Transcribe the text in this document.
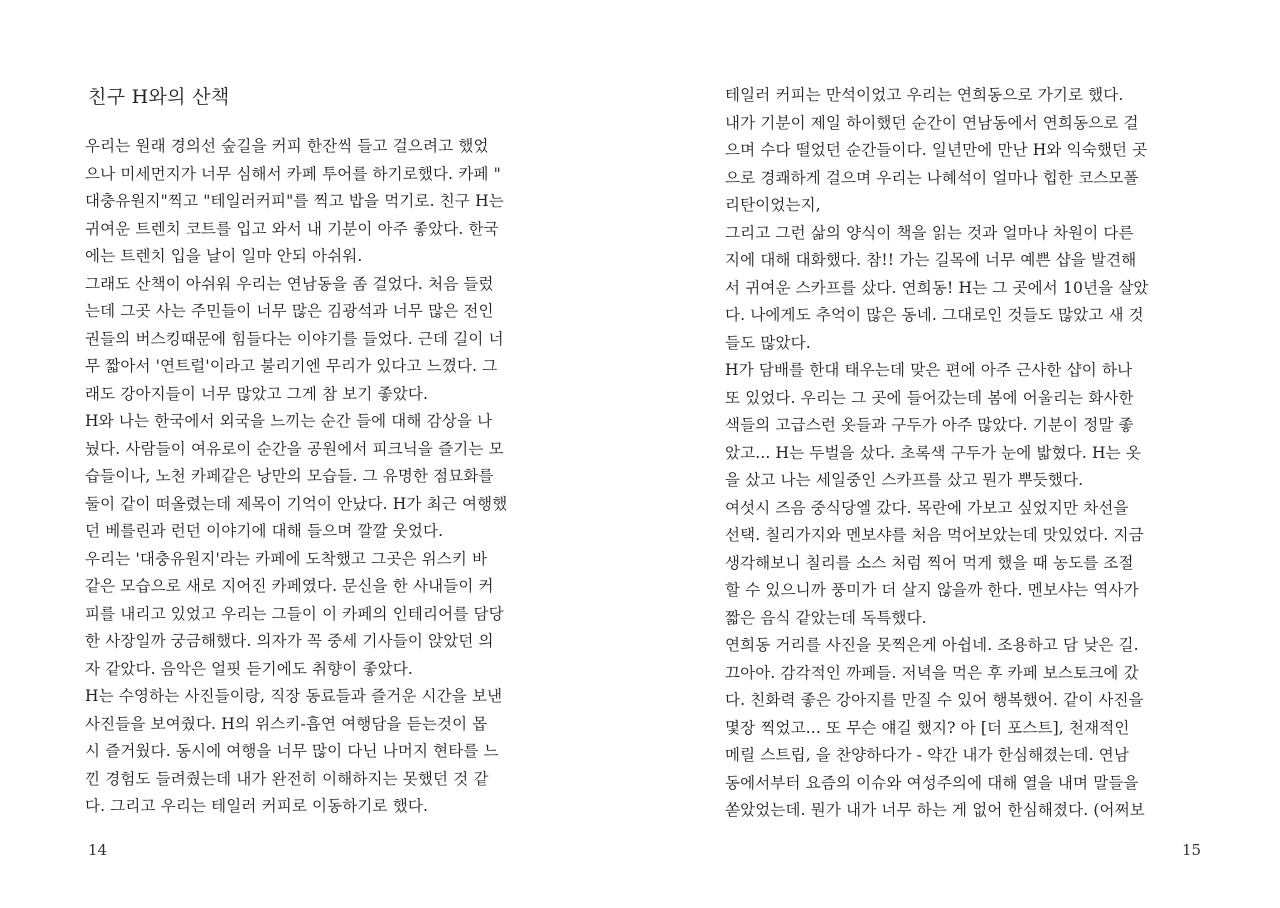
친구 H와의 산책
우리는 원래 경의선 숲길을 커피 한잔씩 들고 걸으려고 했었
으나 미세먼지가 너무 심해서 카페 투어를 하기로했다. 카페 "
대충유원지"찍고 "테일러커피"를 찍고 밥을 먹기로. 친구 H는
귀여운 트렌치 코트를 입고 와서 내 기분이 아주 좋았다. 한국
에는 트렌치 입을 날이 일마 안되 아쉬워.
그래도 산책이 아쉬워 우리는 연남동을 좀 걸었다. 처음 들렀
는데 그곳 사는 주민들이 너무 많은 김광석과 너무 많은 전인
권들의 버스킹때문에 힘들다는 이야기를 들었다. 근데 길이 너
무 짧아서 '연트럴'이라고 불리기엔 무리가 있다고 느꼈다. 그
래도 강아지들이 너무 많았고 그게 참 보기 좋았다.
H와 나는 한국에서 외국을 느끼는 순간 들에 대해 감상을 나
눴다. 사람들이 여유로이 순간을 공원에서 피크닉을 즐기는 모
습들이나, 노천 카페같은 낭만의 모습들. 그 유명한 점묘화를
둘이 같이 떠올렸는데 제목이 기억이 안났다. H가 최근 여행했
던 베를린과 런던 이야기에 대해 들으며 깔깔 웃었다.
우리는 '대충유원지'라는 카페에 도착했고 그곳은 위스키 바
같은 모습으로 새로 지어진 카페였다. 문신을 한 사내들이 커
피를 내리고 있었고 우리는 그들이 이 카페의 인테리어를 담당
한 사장일까 궁금해했다. 의자가 꼭 중세 기사들이 앉았던 의
자 같았다. 음악은 얼핏 듣기에도 취향이 좋았다.
H는 수영하는 사진들이랑, 직장 동료들과 즐거운 시간을 보낸
사진들을 보여줬다. H의 위스키-흡연 여행담을 듣는것이 몹
시 즐거웠다. 동시에 여행을 너무 많이 다닌 나머지 현타를 느
낀 경험도 들려줬는데 내가 완전히 이해하지는 못했던 것 같
다. 그리고 우리는 테일러 커피로 이동하기로 했다.
14
테일러 커피는 만석이었고 우리는 연희동으로 가기로 했다.
내가 기분이 제일 하이했던 순간이 연남동에서 연희동으로 걸
으며 수다 떨었던 순간들이다. 일년만에 만난 H와 익숙했던 곳
으로 경쾌하게 걸으며 우리는 나혜석이 얼마나 힙한 코스모폴
리탄이었는지,
그리고 그런 삶의 양식이 책을 읽는 것과 얼마나 차원이 다른
지에 대해 대화했다. 참!! 가는 길목에 너무 예쁜 샵을 발견해
서 귀여운 스카프를 샀다. 연희동! H는 그 곳에서 10년을 살았
다. 나에게도 추억이 많은 동네. 그대로인 것들도 많았고 새 것
들도 많았다.
H가 담배를 한대 태우는데 맞은 편에 아주 근사한 샵이 하나
또 있었다. 우리는 그 곳에 들어갔는데 봄에 어울리는 화사한
색들의 고급스런 옷들과 구두가 아주 많았다. 기분이 정말 좋
았고... H는 두벌을 샀다. 초록색 구두가 눈에 밟혔다. H는 옷
을 샀고 나는 세일중인 스카프를 샀고 뭔가 뿌듯했다.
여섯시 즈음 중식당엘 갔다. 목란에 가보고 싶었지만 차선을
선택. 칠리가지와 멘보샤를 처음 먹어보았는데 맛있었다. 지금
생각해보니 칠리를 소스 처럼 찍어 먹게 했을 때 농도를 조절
할 수 있으니까 풍미가 더 살지 않을까 한다. 멘보샤는 역사가
짧은 음식 같았는데 독특했다.
연희동 거리를 사진을 못찍은게 아쉽네. 조용하고 담 낮은 길.
끄아아. 감각적인 까페들. 저녁을 먹은 후 카페 보스토크에 갔
다. 친화력 좋은 강아지를 만질 수 있어 행복했어. 같이 사진을
몇장 찍었고... 또 무슨 얘길 했지? 아 [더 포스트], 천재적인
메릴 스트립, 을 찬양하다가 - 약간 내가 한심해졌는데. 연남
동에서부터 요즘의 이슈와 여성주의에 대해 열을 내며 말들을
쏟았었는데. 뭔가 내가 너무 하는 게 없어 한심해졌다. (어쩌보
15
